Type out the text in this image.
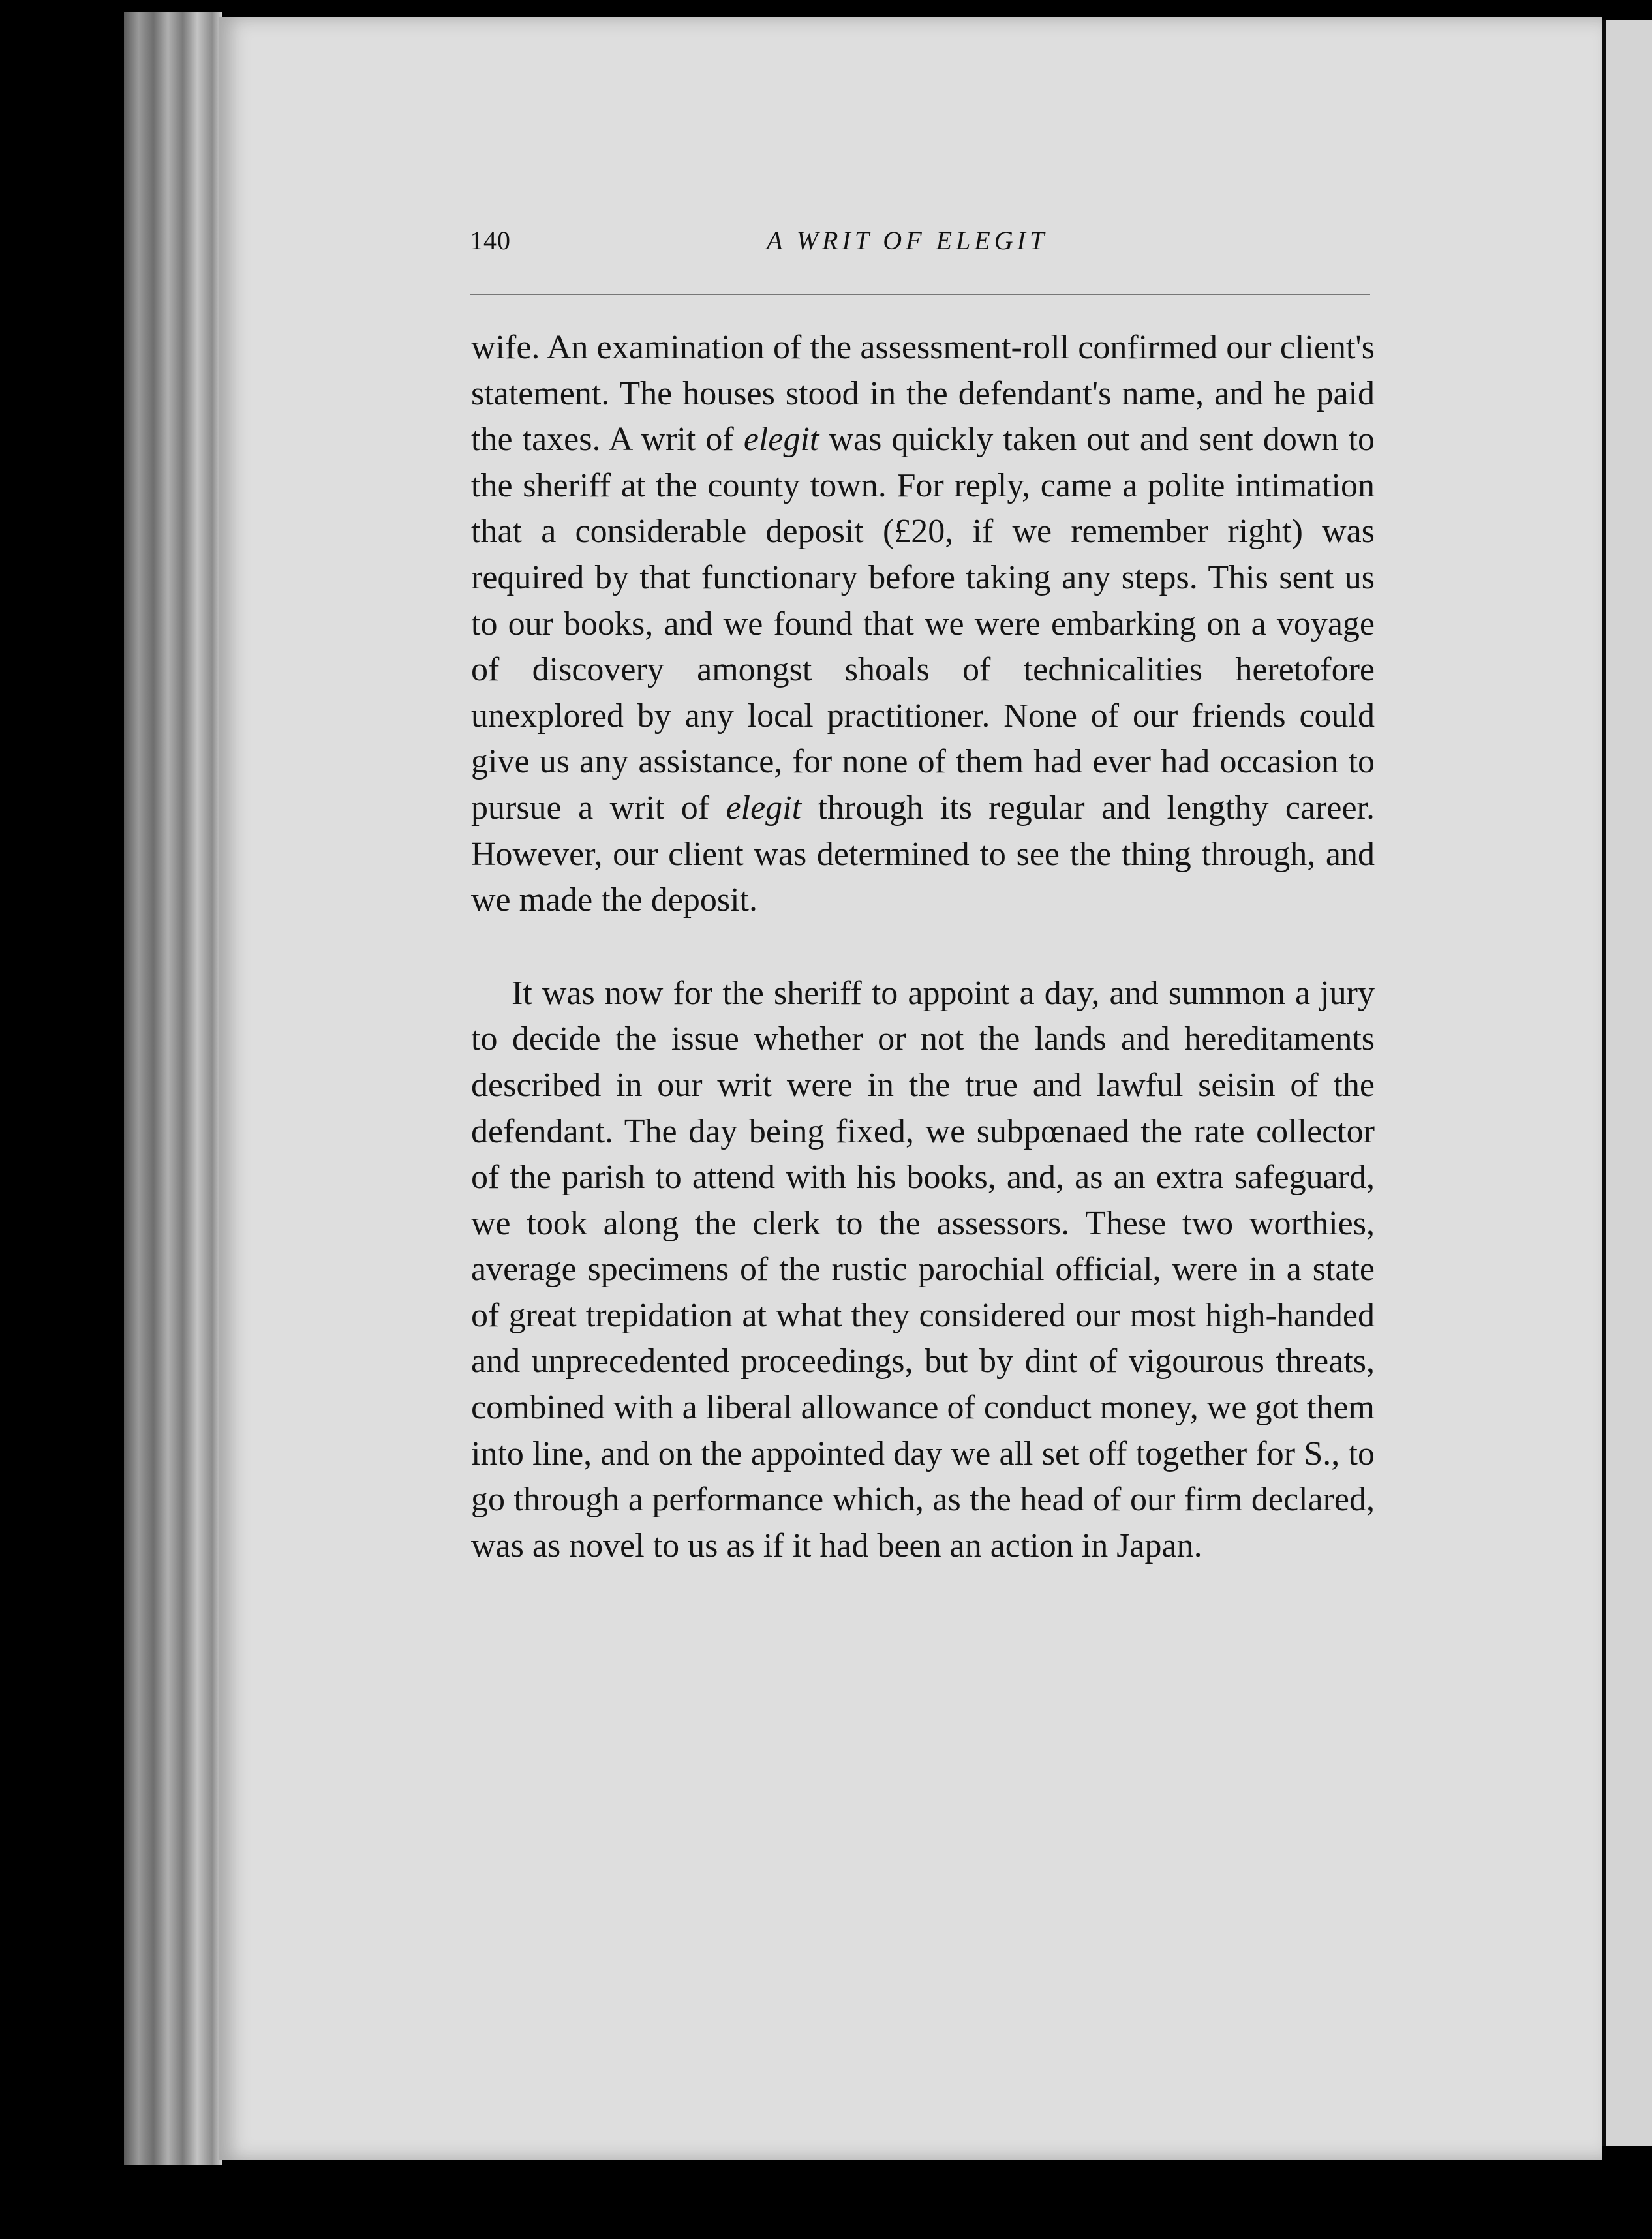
140	A WRIT OF ELEGIT

wife. An examination of the assessment-roll confirmed our client's statement. The houses stood in the defendant's name, and he paid the taxes. A writ of elegit was quickly taken out and sent down to the sheriff at the county town. For reply, came a polite intimation that a considerable deposit (£20, if we remember right) was required by that functionary before taking any steps. This sent us to our books, and we found that we were embarking on a voyage of discovery amongst shoals of technicalities heretofore unexplored by any local practitioner. None of our friends could give us any assistance, for none of them had ever had occasion to pursue a writ of elegit through its regular and lengthy career. However, our client was determined to see the thing through, and we made the deposit.

It was now for the sheriff to appoint a day, and summon a jury to decide the issue whether or not the lands and hereditaments described in our writ were in the true and lawful seisin of the defendant. The day being fixed, we subpœnaed the rate collector of the parish to attend with his books, and, as an extra safeguard, we took along the clerk to the assessors. These two worthies, average specimens of the rustic parochial official, were in a state of great trepidation at what they considered our most high-handed and unprecedented proceedings, but by dint of vigourous threats, combined with a liberal allowance of conduct money, we got them into line, and on the appointed day we all set off together for S., to go through a performance which, as the head of our firm declared, was as novel to us as if it had been an action in Japan.
